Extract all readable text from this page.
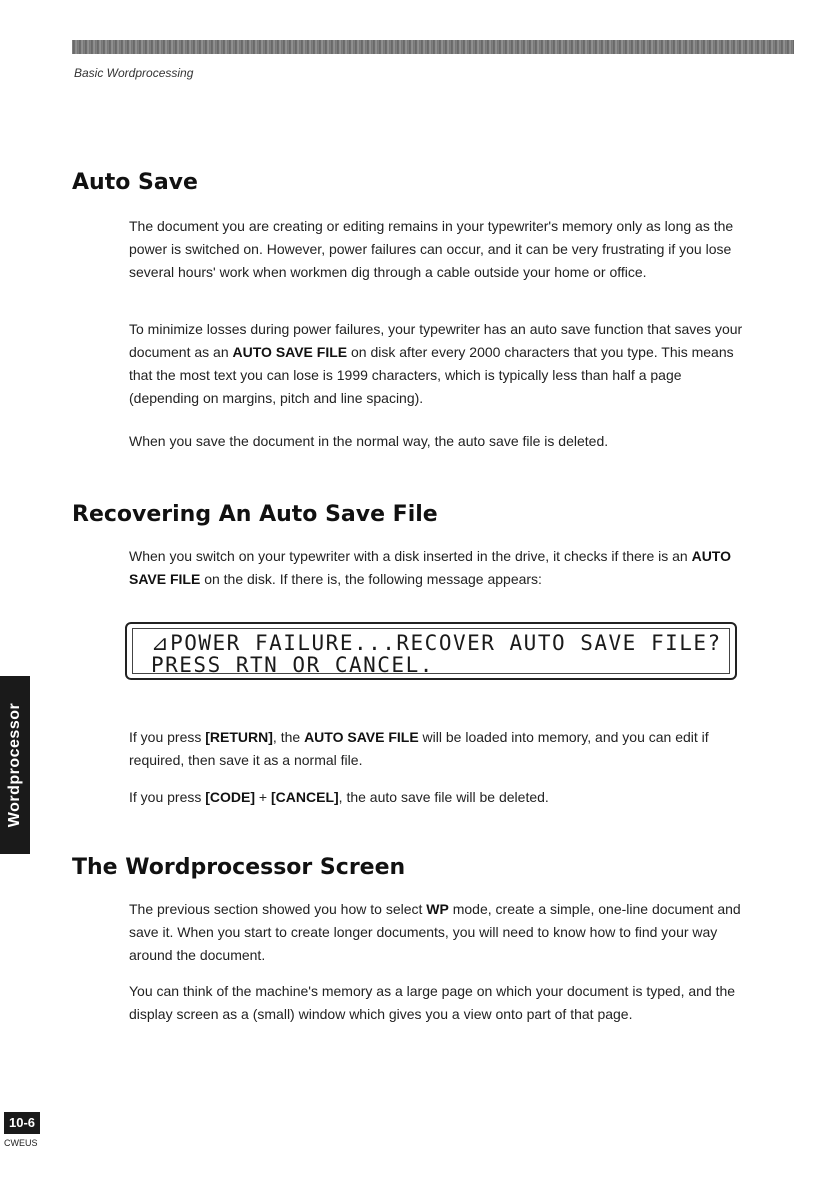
Basic Wordprocessing
Auto Save

The document you are creating or editing remains in your typewriter's memory only as long as the power is switched on. However, power failures can occur, and it can be very frustrating if you lose several hours' work when workmen dig through a cable outside your home or office.

To minimize losses during power failures, your typewriter has an auto save function that saves your document as an AUTO SAVE FILE on disk after every 2000 characters that you type. This means that the most text you can lose is 1999 characters, which is typically less than half a page (depending on margins, pitch and line spacing).

When you save the document in the normal way, the auto save file is deleted.

Recovering An Auto Save File

When you switch on your typewriter with a disk inserted in the drive, it checks if there is an AUTO SAVE FILE on the disk. If there is, the following message appears:

⊿POWER FAILURE...RECOVER AUTO SAVE FILE?
PRESS RTN OR CANCEL.

If you press [RETURN], the AUTO SAVE FILE will be loaded into memory, and you can edit if required, then save it as a normal file.

If you press [CODE] + [CANCEL], the auto save file will be deleted.

The Wordprocessor Screen

The previous section showed you how to select WP mode, create a simple, one-line document and save it. When you start to create longer documents, you will need to know how to find your way around the document.

You can think of the machine's memory as a large page on which your document is typed, and the display screen as a (small) window which gives you a view onto part of that page.

Wordprocessor
10-6
CWEUS
